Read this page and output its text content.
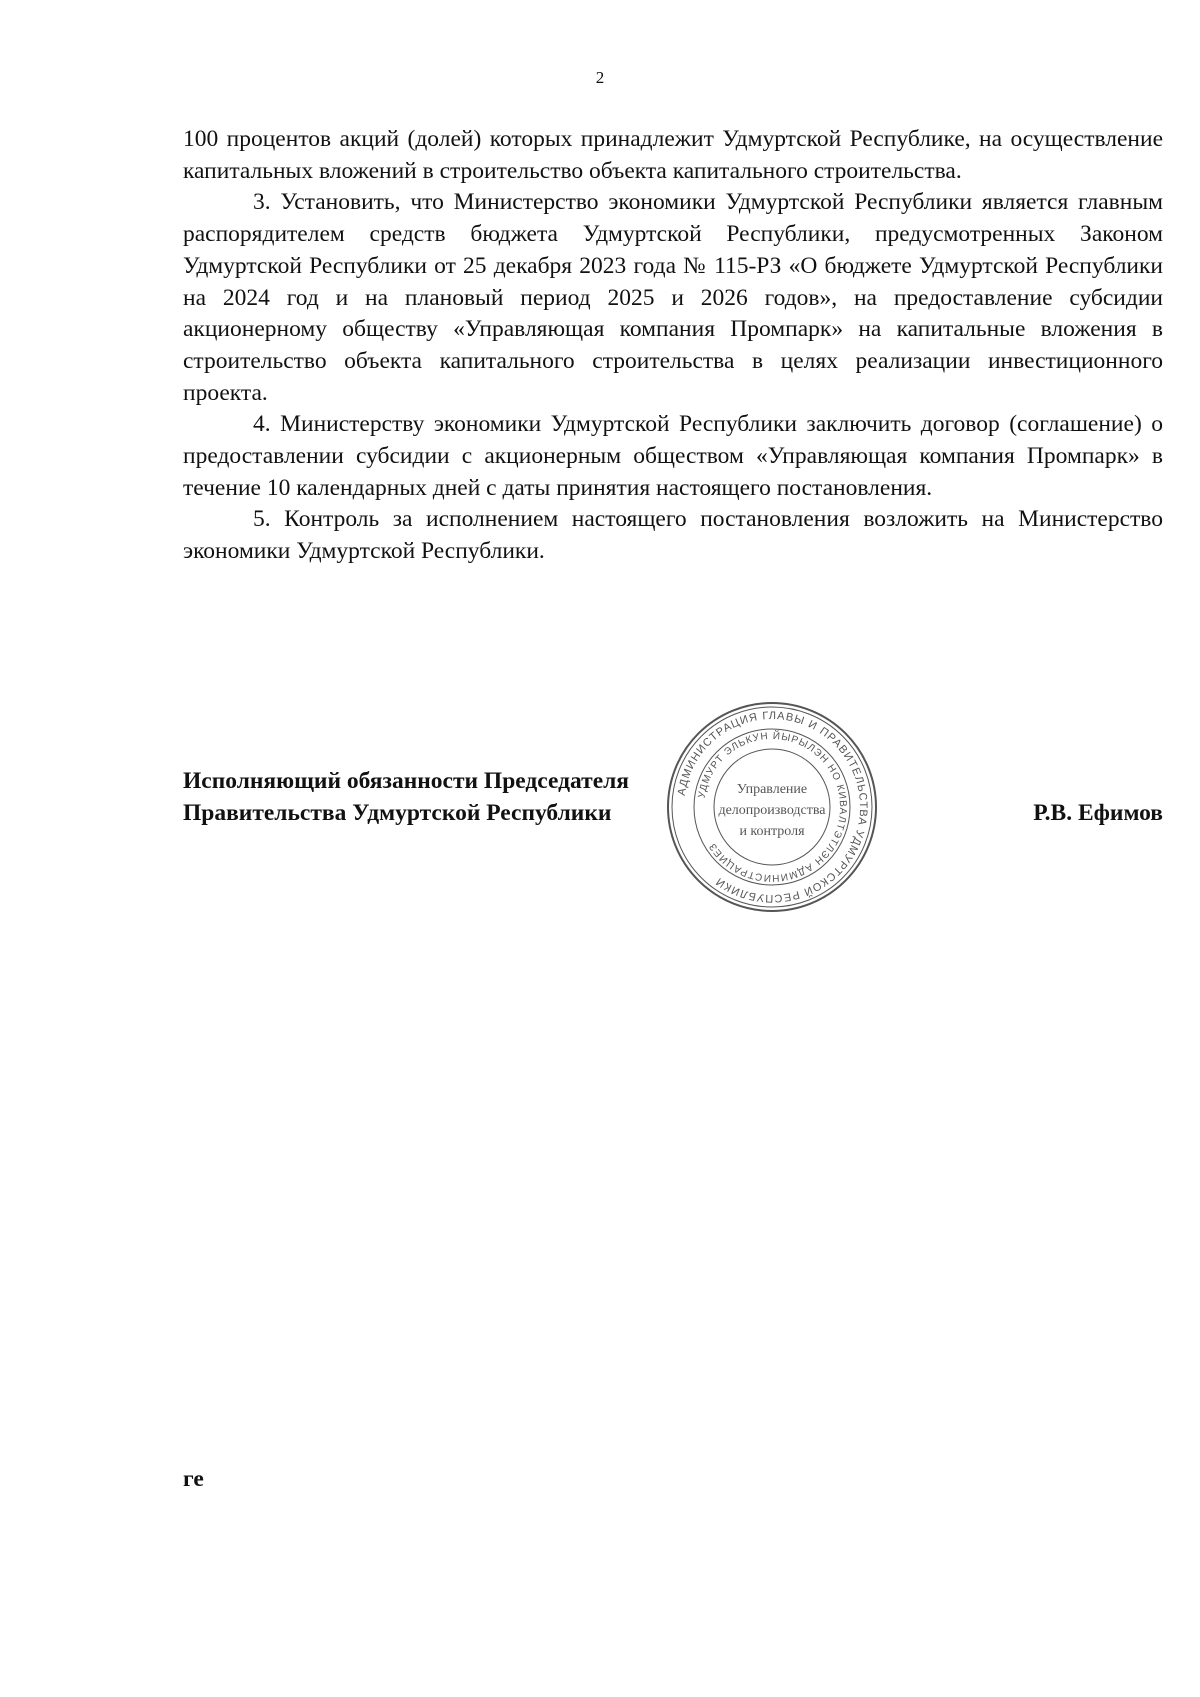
2

100 процентов акций (долей) которых принадлежит Удмуртской Республике, на осуществление капитальных вложений в строительство объекта капитального строительства.

3. Установить, что Министерство экономики Удмуртской Республики является главным распорядителем средств бюджета Удмуртской Республики, предусмотренных Законом Удмуртской Республики от 25 декабря 2023 года № 115-РЗ «О бюджете Удмуртской Республики на 2024 год и на плановый период 2025 и 2026 годов», на предоставление субсидии акционерному обществу «Управляющая компания Промпарк» на капитальные вложения в строительство объекта капитального строительства в целях реализации инвестиционного проекта.

4. Министерству экономики Удмуртской Республики заключить договор (соглашение) о предоставлении субсидии с акционерным обществом «Управляющая компания Промпарк» в течение 10 календарных дней с даты принятия настоящего постановления.

5. Контроль за исполнением настоящего постановления возложить на Министерство экономики Удмуртской Республики.

АДМИНИСТРАЦИЯ ГЛАВЫ И ПРАВИТЕЛЬСТВА УДМУРТСКОЙ РЕСПУБЛИКИ
УДМУРТ ЭЛЬКУН ЙЫРЫЛЭН НО КИВАЛТЭТЛЭН АДМИНИСТРАЦИЕЗ
Управление
делопроизводства
и контроля
Исполняющий обязанности Председателя
Правительства Удмуртской Республики	Р.В. Ефимов
ге
